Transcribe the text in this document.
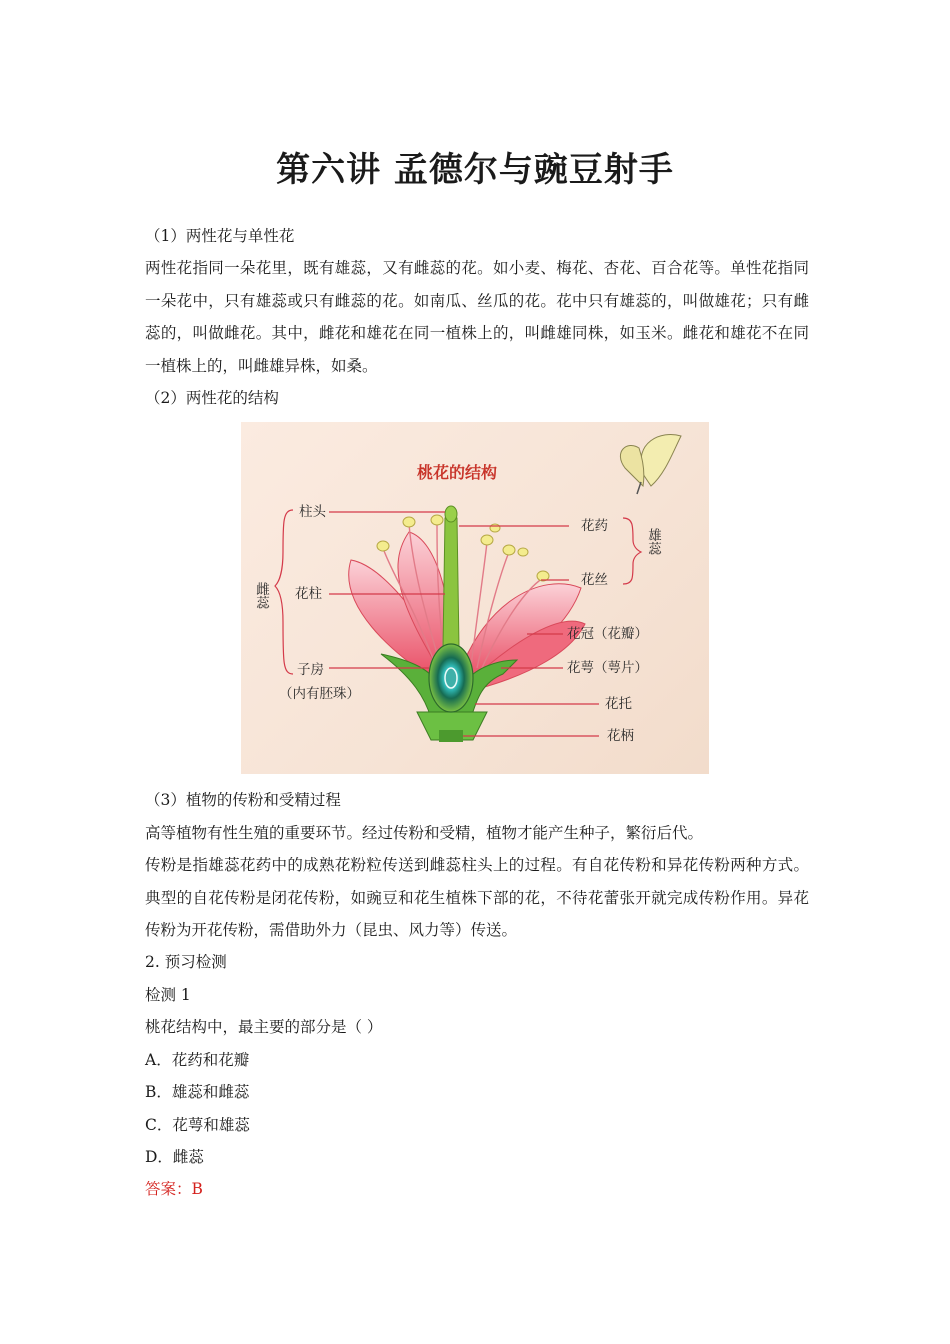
第六讲 孟德尔与豌豆射手

（1）两性花与单性花

两性花指同一朵花里，既有雄蕊，又有雌蕊的花。如小麦、梅花、杏花、百合花等。单性花指同一朵花中，只有雄蕊或只有雌蕊的花。如南瓜、丝瓜的花。花中只有雄蕊的，叫做雄花；只有雌蕊的，叫做雌花。其中，雌花和雄花在同一植株上的，叫雌雄同株，如玉米。雌花和雄花不在同一植株上的，叫雌雄异株，如桑。

（2）两性花的结构

桃花的结构
柱头
花柱
子房
（内有胚珠）
雌蕊
花药
花丝
雄蕊
花冠（花瓣）
花萼（萼片）
花托
花柄

（3）植物的传粉和受精过程

高等植物有性生殖的重要环节。经过传粉和受精，植物才能产生种子，繁衍后代。

传粉是指雄蕊花药中的成熟花粉粒传送到雌蕊柱头上的过程。有自花传粉和异花传粉两种方式。典型的自花传粉是闭花传粉，如豌豆和花生植株下部的花，不待花蕾张开就完成传粉作用。异花传粉为开花传粉，需借助外力（昆虫、风力等）传送。

2. 预习检测

检测 1

桃花结构中，最主要的部分是（ ）

A．花药和花瓣

B．雄蕊和雌蕊

C．花萼和雄蕊

D．雌蕊

答案：B
